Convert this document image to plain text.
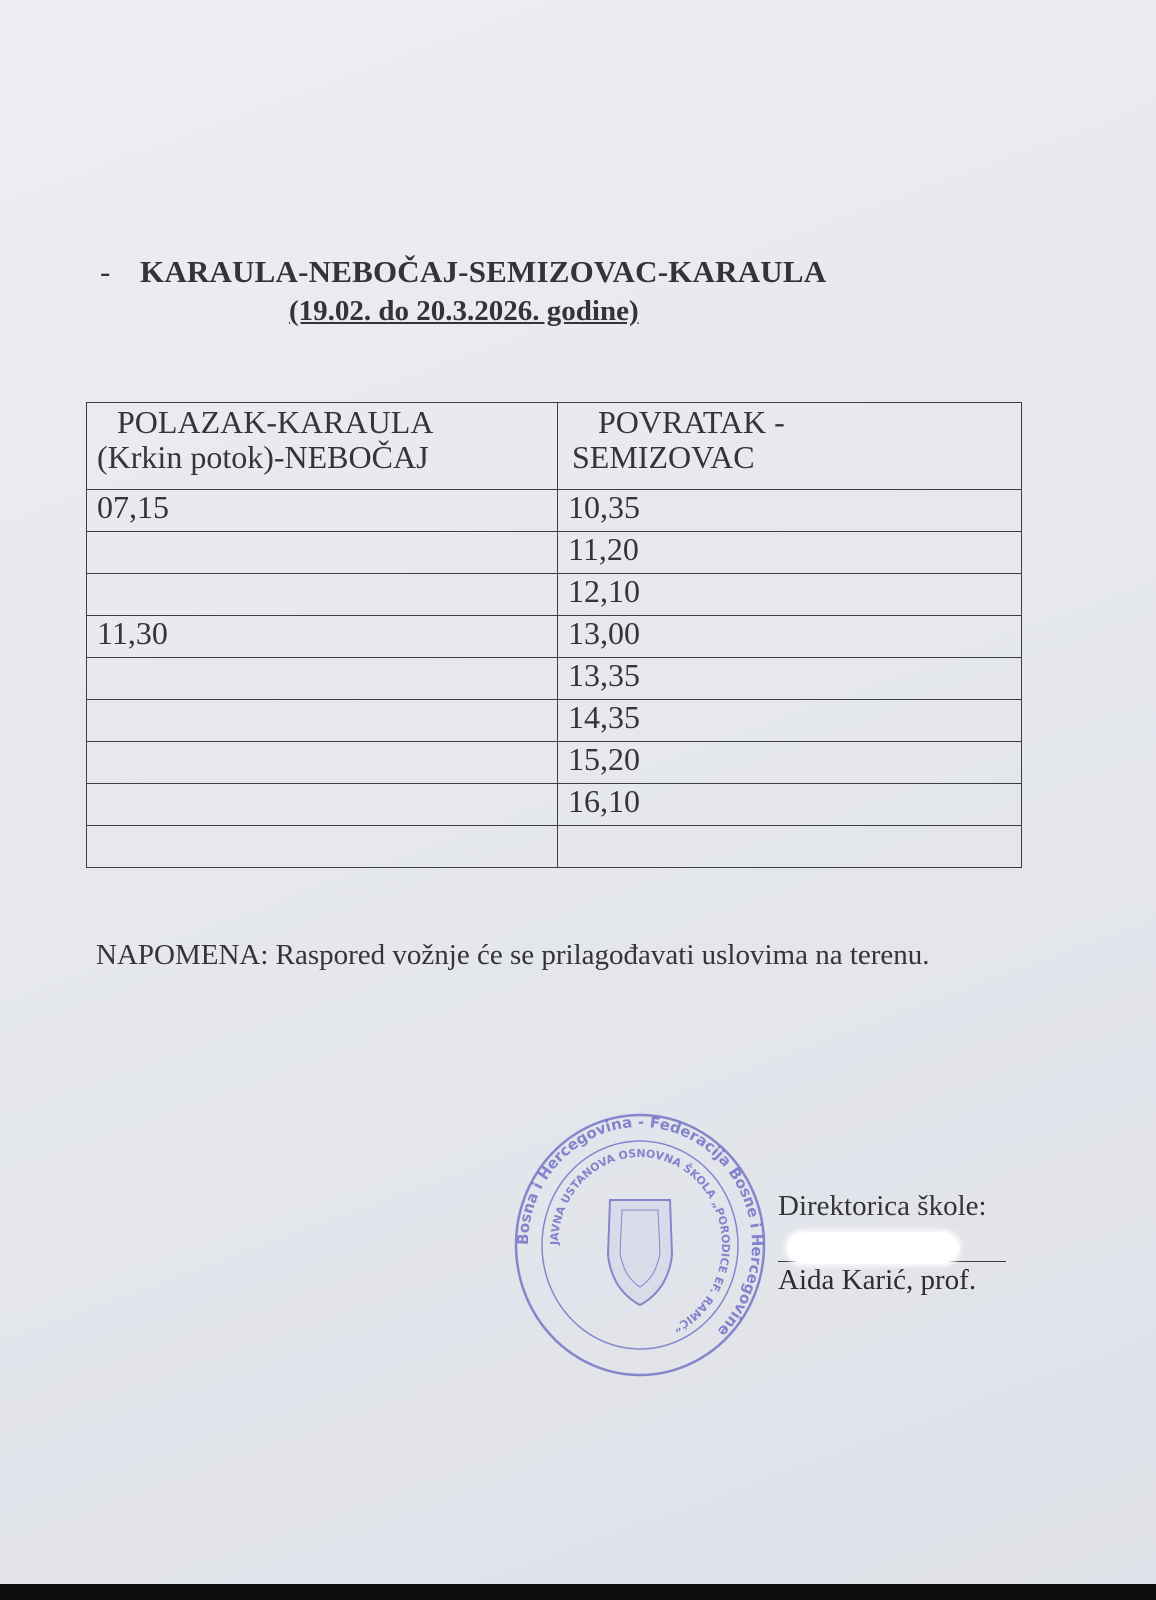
- KARAULA-NEBOČAJ-SEMIZOVAC-KARAULA
(19.02. do 20.3.2026. godine)
POLAZAK-KARAULA
(Krkin potok)-NEBOČAJ	POVRATAK -
SEMIZOVAC

07,15	10,35
	11,20
	12,10
11,30	13,00
	13,35
	14,35
	15,20
	16,10

NAPOMENA: Raspored vožnje će se prilagođavati uslovima na terenu.
Bosna i Hercegovina - Federacija Bosne i Hercegovine
JAVNA USTANOVA OSNOVNA ŠKOLA „PORODICE EF. RAMIĆ“
Direktorica škole:
Aida Karić, prof.
